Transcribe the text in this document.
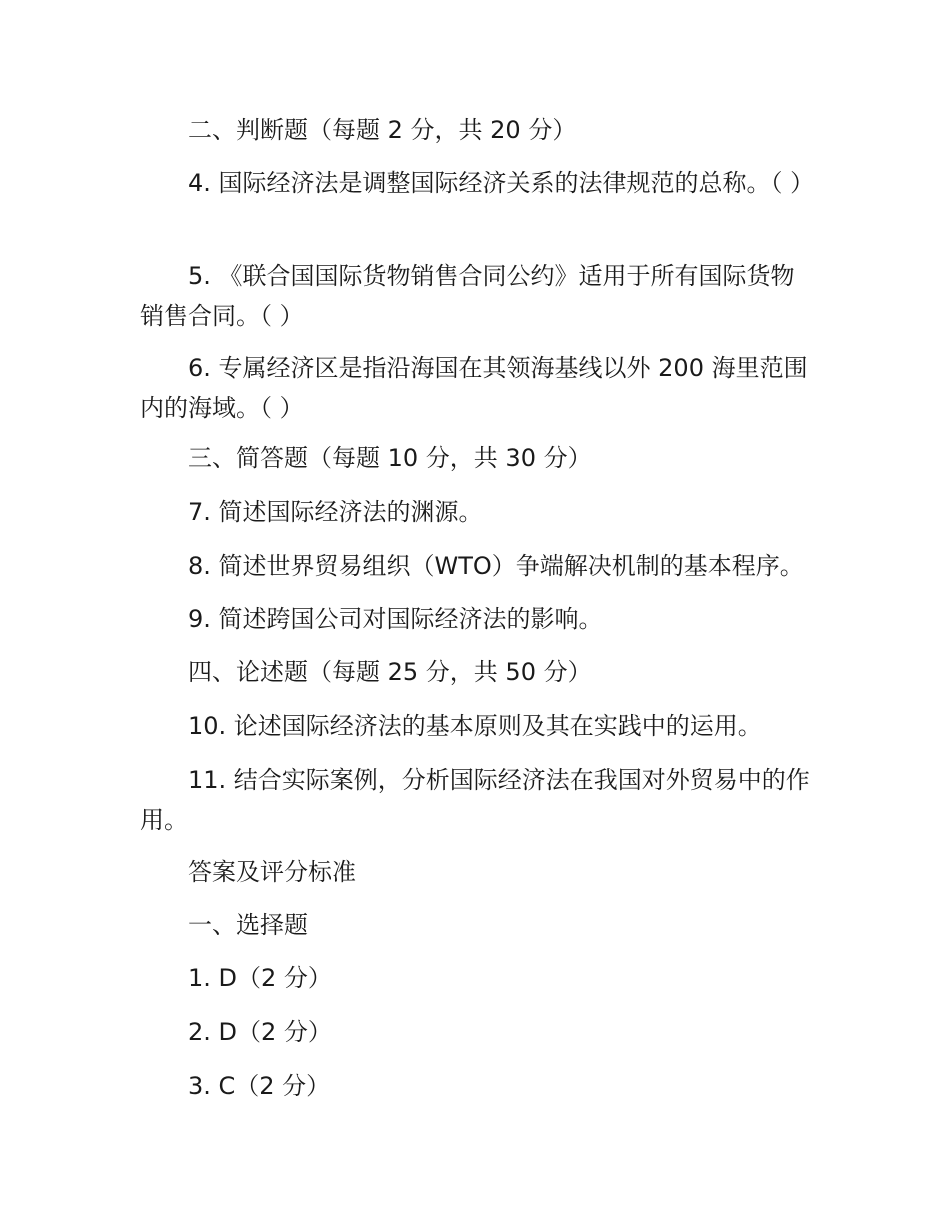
二、判断题（每题 2 分，共 20 分）

4. 国际经济法是调整国际经济关系的法律规范的总称。（ ）

5. 《联合国国际货物销售合同公约》适用于所有国际货物销售合同。（ ）

6. 专属经济区是指沿海国在其领海基线以外 200 海里范围内的海域。（ ）

三、简答题（每题 10 分，共 30 分）

7. 简述国际经济法的渊源。

8. 简述世界贸易组织（WTO）争端解决机制的基本程序。

9. 简述跨国公司对国际经济法的影响。

四、论述题（每题 25 分，共 50 分）

10. 论述国际经济法的基本原则及其在实践中的运用。

11. 结合实际案例，分析国际经济法在我国对外贸易中的作用。

答案及评分标准

一、选择题

1. D（2 分）

2. D（2 分）

3. C（2 分）
